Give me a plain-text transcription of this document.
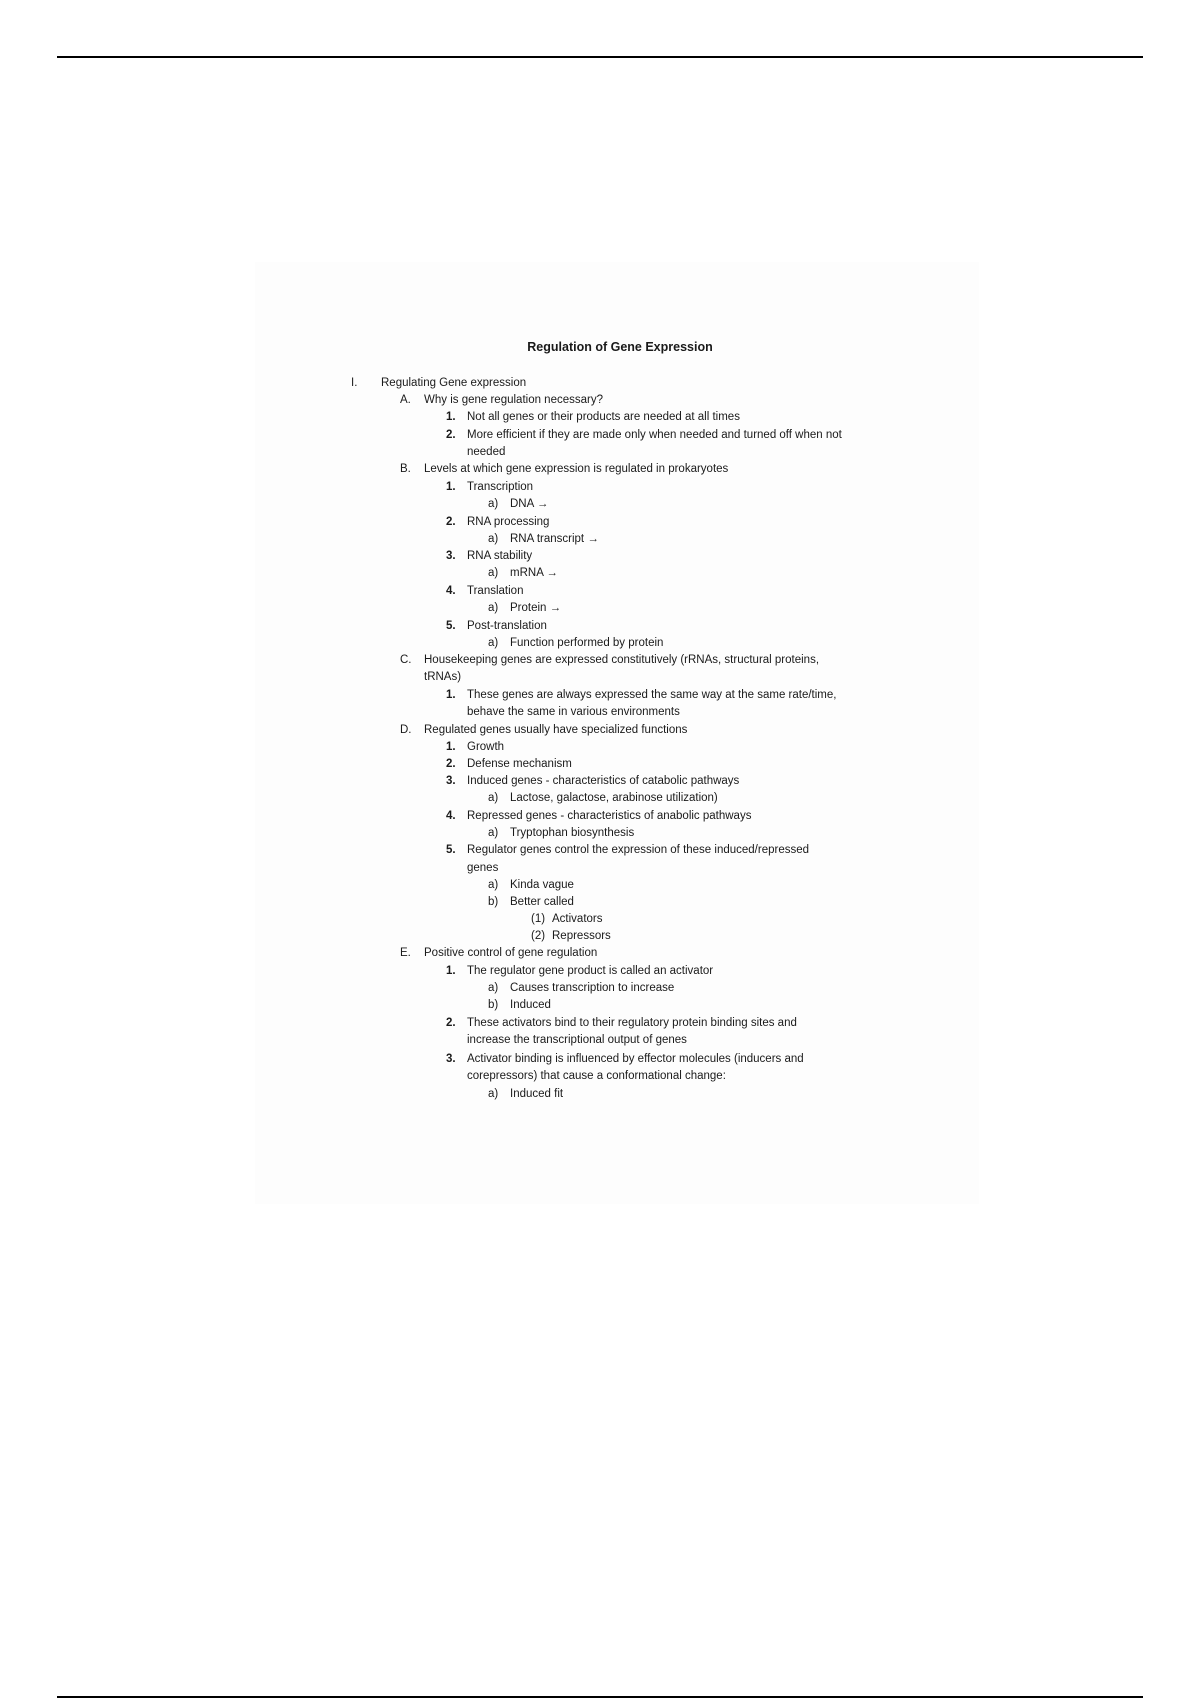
Regulation of Gene Expression
I. Regulating Gene expression
A. Why is gene regulation necessary?
1. Not all genes or their products are needed at all times
2. More efficient if they are made only when needed and turned off when not
needed
B. Levels at which gene expression is regulated in prokaryotes
1. Transcription
a) DNA →
2. RNA processing
a) RNA transcript →
3. RNA stability
a) mRNA →
4. Translation
a) Protein →
5. Post-translation
a) Function performed by protein
C. Housekeeping genes are expressed constitutively (rRNAs, structural proteins,
tRNAs)
1. These genes are always expressed the same way at the same rate/time,
behave the same in various environments
D. Regulated genes usually have specialized functions
1. Growth
2. Defense mechanism
3. Induced genes - characteristics of catabolic pathways
a) Lactose, galactose, arabinose utilization)
4. Repressed genes - characteristics of anabolic pathways
a) Tryptophan biosynthesis
5. Regulator genes control the expression of these induced/repressed
genes
a) Kinda vague
b) Better called
(1) Activators
(2) Repressors
E. Positive control of gene regulation
1. The regulator gene product is called an activator
a) Causes transcription to increase
b) Induced
2. These activators bind to their regulatory protein binding sites and
increase the transcriptional output of genes
3. Activator binding is influenced by effector molecules (inducers and
corepressors) that cause a conformational change:
a) Induced fit
